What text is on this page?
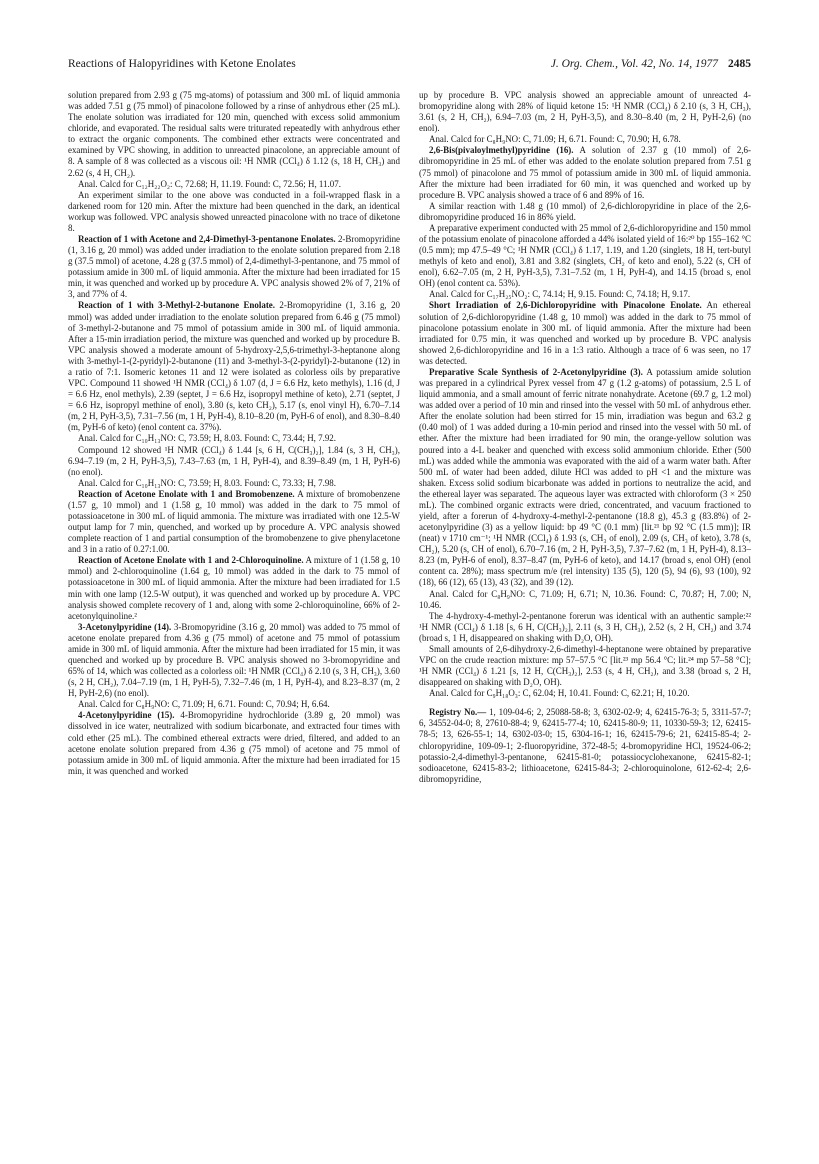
Reactions of Halopyridines with Ketone Enolates	J. Org. Chem., Vol. 42, No. 14, 1977 2485

solution prepared from 2.93 g (75 mg-atoms) of potassium and 300 mL of liquid ammonia was added 7.51 g (75 mmol) of pinacolone followed by a rinse of anhydrous ether (25 mL). The enolate solution was irradiated for 120 min, quenched with excess solid ammonium chloride, and evaporated. The residual salts were triturated repeatedly with anhydrous ether to extract the organic components. The combined ether extracts were concentrated and examined by VPC showing, in addition to unreacted pinacolone, an appreciable amount of 8. A sample of 8 was collected as a viscous oil: ¹H NMR (CCl₄) δ 1.12 (s, 18 H, CH₃) and 2.62 (s, 4 H, CH₂).

Anal. Calcd for C₁₂H₂₂O₂: C, 72.68; H, 11.19. Found: C, 72.56; H, 11.07.

An experiment similar to the one above was conducted in a foil-wrapped flask in a darkened room for 120 min. After the mixture had been quenched in the dark, an identical workup was followed. VPC analysis showed unreacted pinacolone with no trace of diketone 8.

Reaction of 1 with Acetone and 2,4-Dimethyl-3-pentanone Enolates. 2-Bromopyridine (1, 3.16 g, 20 mmol) was added under irradiation to the enolate solution prepared from 2.18 g (37.5 mmol) of acetone, 4.28 g (37.5 mmol) of 2,4-dimethyl-3-pentanone, and 75 mmol of potassium amide in 300 mL of liquid ammonia. After the mixture had been irradiated for 15 min, it was quenched and worked up by procedure A. VPC analysis showed 2% of 7, 21% of 3, and 77% of 4.

Reaction of 1 with 3-Methyl-2-butanone Enolate. 2-Bromopyridine (1, 3.16 g, 20 mmol) was added under irradiation to the enolate solution prepared from 6.46 g (75 mmol) of 3-methyl-2-butanone and 75 mmol of potassium amide in 300 mL of liquid ammonia. After a 15-min irradiation period, the mixture was quenched and worked up by procedure B. VPC analysis showed a moderate amount of 5-hydroxy-2,5,6-trimethyl-3-heptanone along with 3-methyl-1-(2-pyridyl)-2-butanone (11) and 3-methyl-3-(2-pyridyl)-2-butanone (12) in a ratio of 7:1. Isomeric ketones 11 and 12 were isolated as colorless oils by preparative VPC. Compound 11 showed ¹H NMR (CCl₄) δ 1.07 (d, J = 6.6 Hz, keto methyls), 1.16 (d, J = 6.6 Hz, enol methyls), 2.39 (septet, J = 6.6 Hz, isopropyl methine of keto), 2.71 (septet, J = 6.6 Hz, isopropyl methine of enol), 3.80 (s, keto CH₂), 5.17 (s, enol vinyl H), 6.70–7.14 (m, 2 H, PyH-3,5), 7.31–7.56 (m, 1 H, PyH-4), 8.10–8.20 (m, PyH-6 of enol), and 8.30–8.40 (m, PyH-6 of keto) (enol content ca. 37%).

Anal. Calcd for C₁₀H₁₃NO: C, 73.59; H, 8.03. Found: C, 73.44; H, 7.92.

Compound 12 showed ¹H NMR (CCl₄) δ 1.44 [s, 6 H, C(CH₃)₂], 1.84 (s, 3 H, CH₃), 6.94–7.19 (m, 2 H, PyH-3,5), 7.43–7.63 (m, 1 H, PyH-4), and 8.39–8.49 (m, 1 H, PyH-6) (no enol).

Anal. Calcd for C₁₀H₁₃NO: C, 73.59; H, 8.03. Found: C, 73.33; H, 7.98.

Reaction of Acetone Enolate with 1 and Bromobenzene. A mixture of bromobenzene (1.57 g, 10 mmol) and 1 (1.58 g, 10 mmol) was added in the dark to 75 mmol of potassioacetone in 300 mL of liquid ammonia. The mixture was irradiated with one 12.5-W output lamp for 7 min, quenched, and worked up by procedure A. VPC analysis showed complete reaction of 1 and partial consumption of the bromobenzene to give phenylacetone and 3 in a ratio of 0.27:1.00.

Reaction of Acetone Enolate with 1 and 2-Chloroquinoline. A mixture of 1 (1.58 g, 10 mmol) and 2-chloroquinoline (1.64 g, 10 mmol) was added in the dark to 75 mmol of potassioacetone in 300 mL of liquid ammonia. After the mixture had been irradiated for 1.5 min with one lamp (12.5-W output), it was quenched and worked up by procedure A. VPC analysis showed complete recovery of 1 and, along with some 2-chloroquinoline, 66% of 2-acetonylquinoline.²

3-Acetonylpyridine (14). 3-Bromopyridine (3.16 g, 20 mmol) was added to 75 mmol of acetone enolate prepared from 4.36 g (75 mmol) of acetone and 75 mmol of potassium amide in 300 mL of liquid ammonia. After the mixture had been irradiated for 15 min, it was quenched and worked up by procedure B. VPC analysis showed no 3-bromopyridine and 65% of 14, which was collected as a colorless oil: ¹H NMR (CCl₄) δ 2.10 (s, 3 H, CH₃), 3.60 (s, 2 H, CH₂), 7.04–7.19 (m, 1 H, PyH-5), 7.32–7.46 (m, 1 H, PyH-4), and 8.23–8.37 (m, 2 H, PyH-2,6) (no enol).

Anal. Calcd for C₈H₉NO: C, 71.09; H, 6.71. Found: C, 70.94; H, 6.64.

4-Acetonylpyridine (15). 4-Bromopyridine hydrochloride (3.89 g, 20 mmol) was dissolved in ice water, neutralized with sodium bicarbonate, and extracted four times with cold ether (25 mL). The combined ethereal extracts were dried, filtered, and added to an acetone enolate solution prepared from 4.36 g (75 mmol) of acetone and 75 mmol of potassium amide in 300 mL of liquid ammonia. After the mixture had been irradiated for 15 min, it was quenched and worked

up by procedure B. VPC analysis showed an appreciable amount of unreacted 4-bromopyridine along with 28% of liquid ketone 15: ¹H NMR (CCl₄) δ 2.10 (s, 3 H, CH₃), 3.61 (s, 2 H, CH₂), 6.94–7.03 (m, 2 H, PyH-3,5), and 8.30–8.40 (m, 2 H, PyH-2,6) (no enol).

Anal. Calcd for C₈H₉NO: C, 71.09; H, 6.71. Found: C, 70.90; H, 6.78.

2,6-Bis(pivaloylmethyl)pyridine (16). A solution of 2.37 g (10 mmol) of 2,6-dibromopyridine in 25 mL of ether was added to the enolate solution prepared from 7.51 g (75 mmol) of pinacolone and 75 mmol of potassium amide in 300 mL of liquid ammonia. After the mixture had been irradiated for 60 min, it was quenched and worked up by procedure B. VPC analysis showed a trace of 6 and 89% of 16.

A similar reaction with 1.48 g (10 mmol) of 2,6-dichloropyridine in place of the 2,6-dibromopyridine produced 16 in 86% yield.

A preparative experiment conducted with 25 mmol of 2,6-dichloropyridine and 150 mmol of the potassium enolate of pinacolone afforded a 44% isolated yield of 16:²⁰ bp 155–162 °C (0.5 mm); mp 47.5–49 °C; ¹H NMR (CCl₄) δ 1.17, 1.19, and 1.20 (singlets, 18 H, tert-butyl methyls of keto and enol), 3.81 and 3.82 (singlets, CH₂ of keto and enol), 5.22 (s, CH of enol), 6.62–7.05 (m, 2 H, PyH-3,5), 7.31–7.52 (m, 1 H, PyH-4), and 14.15 (broad s, enol OH) (enol content ca. 53%).

Anal. Calcd for C₁₇H₂₅NO₂: C, 74.14; H, 9.15. Found: C, 74.18; H, 9.17.

Short Irradiation of 2,6-Dichloropyridine with Pinacolone Enolate. An ethereal solution of 2,6-dichloropyridine (1.48 g, 10 mmol) was added in the dark to 75 mmol of pinacolone potassium enolate in 300 mL of liquid ammonia. After the mixture had been irradiated for 0.75 min, it was quenched and worked up by procedure B. VPC analysis showed 2,6-dichloropyridine and 16 in a 1:3 ratio. Although a trace of 6 was seen, no 17 was detected.

Preparative Scale Synthesis of 2-Acetonylpyridine (3). A potassium amide solution was prepared in a cylindrical Pyrex vessel from 47 g (1.2 g-atoms) of potassium, 2.5 L of liquid ammonia, and a small amount of ferric nitrate nonahydrate. Acetone (69.7 g, 1.2 mol) was added over a period of 10 min and rinsed into the vessel with 50 mL of anhydrous ether. After the enolate solution had been stirred for 15 min, irradiation was begun and 63.2 g (0.40 mol) of 1 was added during a 10-min period and rinsed into the vessel with 50 mL of ether. After the mixture had been irradiated for 90 min, the orange-yellow solution was poured into a 4-L beaker and quenched with excess solid ammonium chloride. Ether (500 mL) was added while the ammonia was evaporated with the aid of a warm water bath. After 500 mL of water had been added, dilute HCl was added to pH <1 and the mixture was shaken. Excess solid sodium bicarbonate was added in portions to neutralize the acid, and the ethereal layer was separated. The aqueous layer was extracted with chloroform (3 × 250 mL). The combined organic extracts were dried, concentrated, and vacuum fractioned to yield, after a forerun of 4-hydroxy-4-methyl-2-pentanone (18.8 g), 45.3 g (83.8%) of 2-acetonylpyridine (3) as a yellow liquid: bp 49 °C (0.1 mm) [lit.²¹ bp 92 °C (1.5 mm)]; IR (neat) ν 1710 cm⁻¹; ¹H NMR (CCl₄) δ 1.93 (s, CH₃ of enol), 2.09 (s, CH₃ of keto), 3.78 (s, CH₂), 5.20 (s, CH of enol), 6.70–7.16 (m, 2 H, PyH-3,5), 7.37–7.62 (m, 1 H, PyH-4), 8.13–8.23 (m, PyH-6 of enol), 8.37–8.47 (m, PyH-6 of keto), and 14.17 (broad s, enol OH) (enol content ca. 28%); mass spectrum m/e (rel intensity) 135 (5), 120 (5), 94 (6), 93 (100), 92 (18), 66 (12), 65 (13), 43 (32), and 39 (12).

Anal. Calcd for C₈H₉NO: C, 71.09; H, 6.71; N, 10.36. Found: C, 70.87; H, 7.00; N, 10.46.

The 4-hydroxy-4-methyl-2-pentanone forerun was identical with an authentic sample:²² ¹H NMR (CCl₄) δ 1.18 [s, 6 H, C(CH₃)₂], 2.11 (s, 3 H, CH₃), 2.52 (s, 2 H, CH₂) and 3.74 (broad s, 1 H, disappeared on shaking with D₂O, OH).

Small amounts of 2,6-dihydroxy-2,6-dimethyl-4-heptanone were obtained by preparative VPC on the crude reaction mixture: mp 57–57.5 °C [lit.²³ mp 56.4 °C; lit.²⁴ mp 57–58 °C]; ¹H NMR (CCl₄) δ 1.21 [s, 12 H, C(CH₃)₂], 2.53 (s, 4 H, CH₂), and 3.38 (broad s, 2 H, disappeared on shaking with D₂O, OH).

Anal. Calcd for C₉H₁₈O₃: C, 62.04; H, 10.41. Found: C, 62.21; H, 10.20.

Registry No.— 1, 109-04-6; 2, 25088-58-8; 3, 6302-02-9; 4, 62415-76-3; 5, 3311-57-7; 6, 34552-04-0; 8, 27610-88-4; 9, 62415-77-4; 10, 62415-80-9; 11, 10330-59-3; 12, 62415-78-5; 13, 626-55-1; 14, 6302-03-0; 15, 6304-16-1; 16, 62415-79-6; 21, 62415-85-4; 2-chloropyridine, 109-09-1; 2-fluoropyridine, 372-48-5; 4-bromopyridine HCl, 19524-06-2; potassio-2,4-dimethyl-3-pentanone, 62415-81-0; potassiocyclohexanone, 62415-82-1; sodioacetone, 62415-83-2; lithioacetone, 62415-84-3; 2-chloroquinolone, 612-62-4; 2,6-dibromopyridine,
